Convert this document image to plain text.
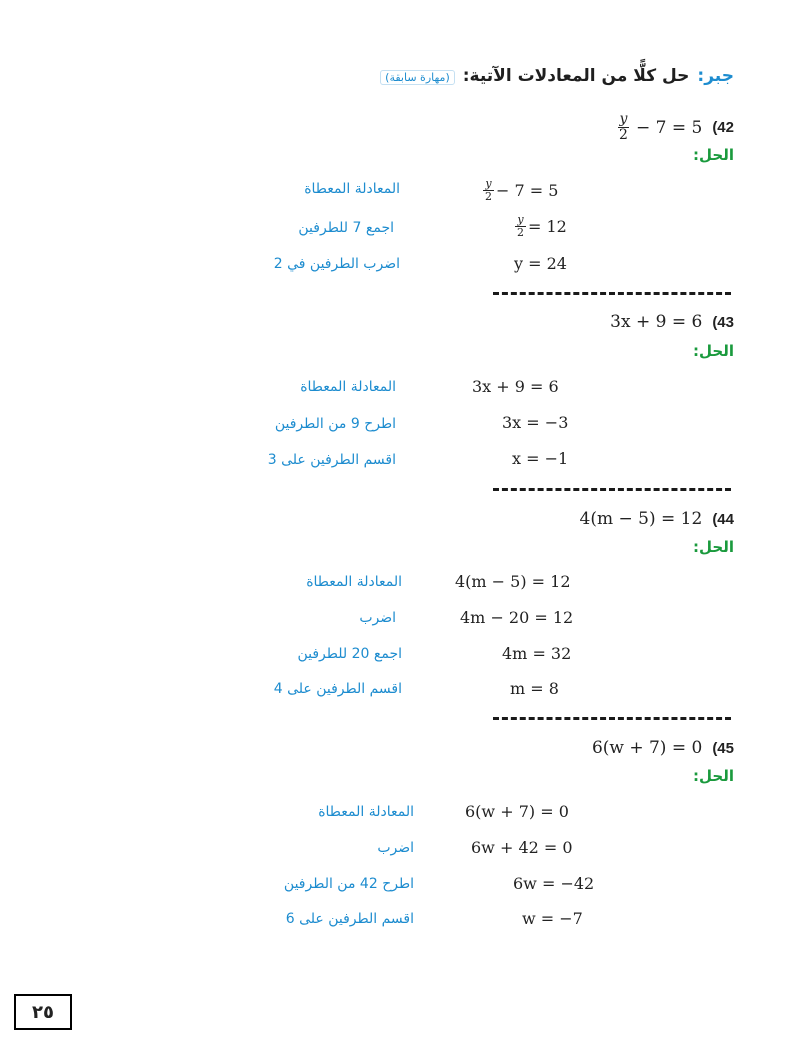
جبر:
حل كلًّا من المعادلات الآتية:
(مهارة سابقة)
$\frac{y}{2} - 7 = 5$ (42
الحل:
$\frac{y}{2} - 7 = 5$
المعادلة المعطاة
$\frac{y}{2} = 12$
اجمع 7 للطرفين
y = 24
اضرب الطرفين في 2
3x + 9 = 6 (43
الحل:
3x + 9 = 6
المعادلة المعطاة
3x = −3
اطرح 9 من الطرفين
x = −1
اقسم الطرفين على 3
4(m − 5) = 12 (44
الحل:
4(m − 5) = 12
المعادلة المعطاة
4m − 20 = 12
اضرب
4m = 32
اجمع 20 للطرفين
m = 8
اقسم الطرفين على 4
6(w + 7) = 0 (45
الحل:
6(w + 7) = 0
المعادلة المعطاة
6w + 42 = 0
اضرب
6w = −42
اطرح 42 من الطرفين
w = −7
اقسم الطرفين على 6
٢٥
